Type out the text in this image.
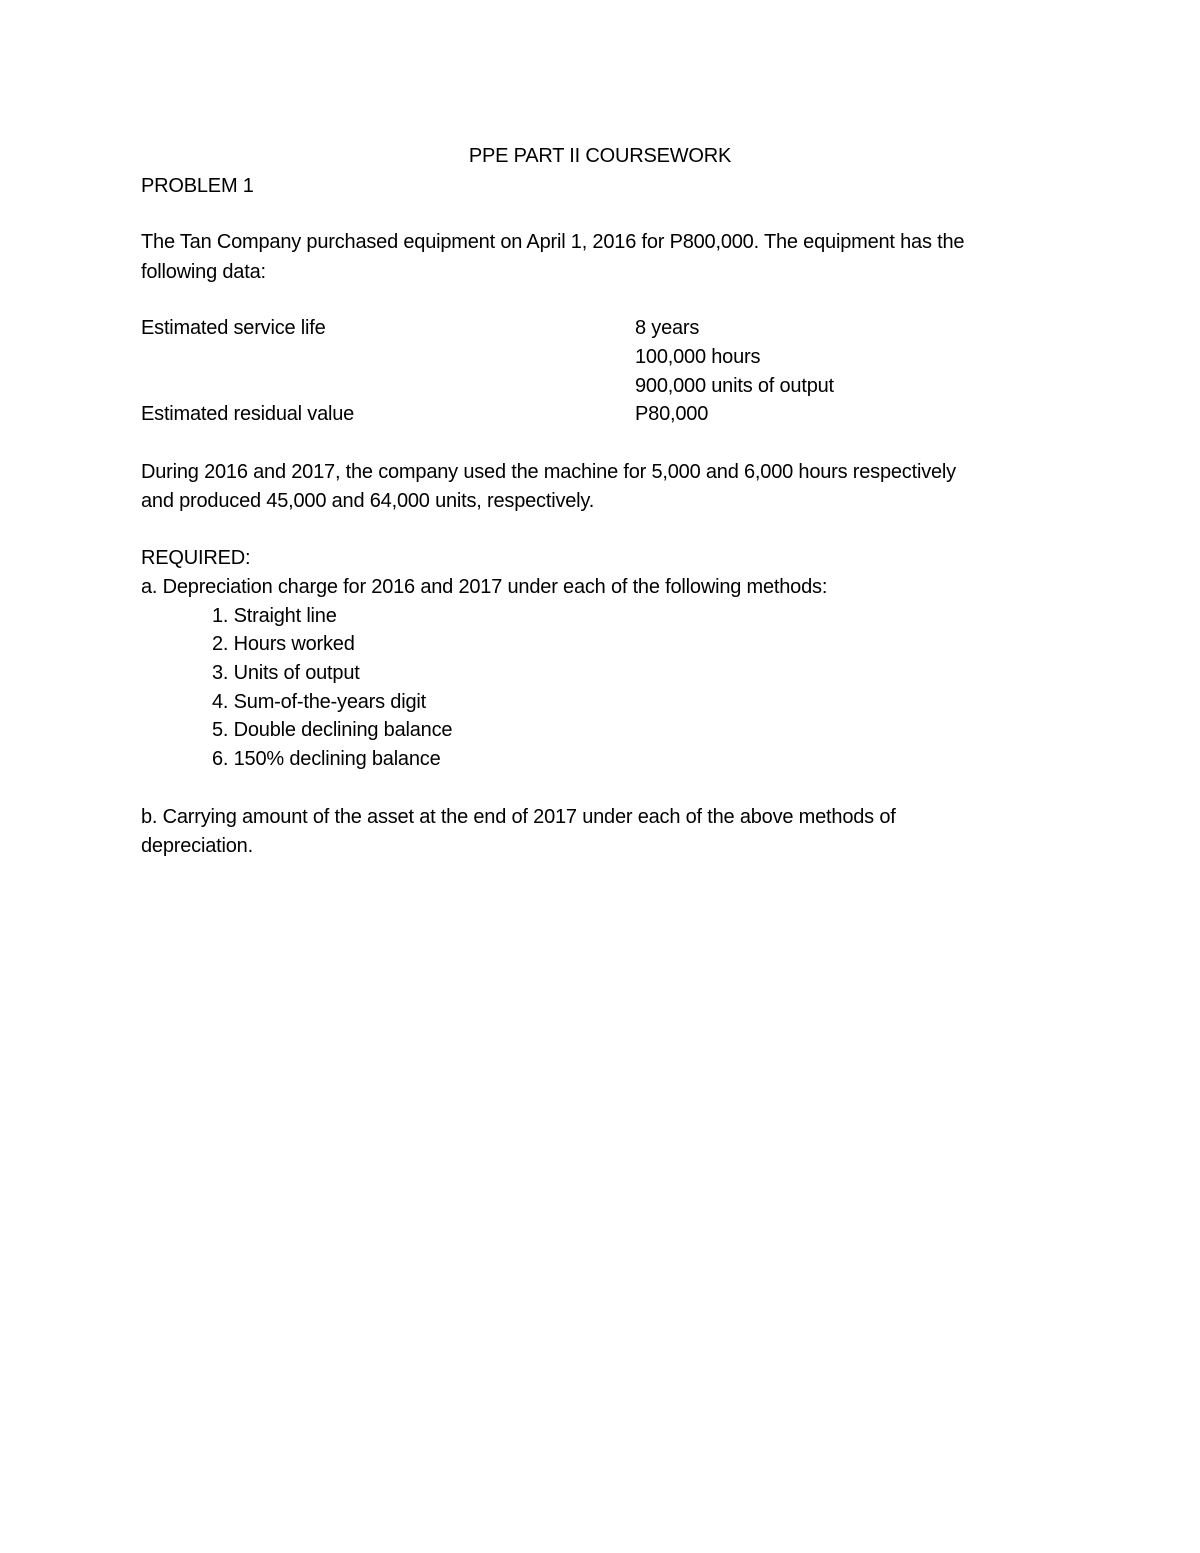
PPE PART II COURSEWORK
PROBLEM 1
The Tan Company purchased equipment on April 1, 2016 for P800,000. The equipment has the
following data:
Estimated service life	8 years
100,000 hours
900,000 units of output
Estimated residual value	P80,000
During 2016 and 2017, the company used the machine for 5,000 and 6,000 hours respectively
and produced 45,000 and 64,000 units, respectively.
REQUIRED:
a. Depreciation charge for 2016 and 2017 under each of the following methods:
1. Straight line
2. Hours worked
3. Units of output
4. Sum-of-the-years digit
5. Double declining balance
6. 150% declining balance
b. Carrying amount of the asset at the end of 2017 under each of the above methods of
depreciation.
